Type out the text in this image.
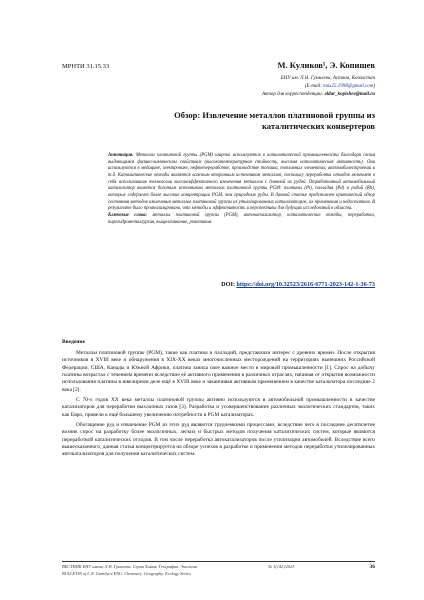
МРНТИ 31.15.33	М. Куликов¹, Э. Копишев
ЕНУ им. Л.Н. Гумилева, Астана, Казахстан
(E-mail: max25.1998@gmail.com)
Автор для корреспонденции: eldar_kopishev@mail.ru
Обзор: Извлечение металлов платиновой группы из каталитических конвертеров
Аннотация. Металлы платиновой группы (PGM) широко используются в каталитической промышленности благодаря своим выдающимся физико-химическим свойствам (высокотемпературная стойкость, высокая каталитическая активность). Они используются в медицине, электронике, нефтепереработке, производстве топлива, топливных элементах, автомобилестроении и т.д. Каталитические отходы являются важным вторичным источником металлов, поскольку переработка отходов включает в себя использование технологии высокоэффективного извлечения металлов с длинной их рудой. Отработанный автомобильный катализатор является богатым источником металлов платиновой группы PGM: платины (Pt), палладия (Pd) и родий (Rh), которые содержат более высокие концентрации PGM, чем природные руды. В данной статье представлен критический обзор состояния методов извлечения металлов платиновой группы из утилизированных катализаторов, их применения и недостатков. В результате было проанализировано, что методы и эффективность и перспективы для будущих исследований в области.
Ключевые слова: металлы платиновой группы (PGM), автокатализатор, каталитические отходы, переработка, пирогидрометаллургия, выщелачивание, реактивом.
DOI: https://doi.org/10.32523/2616-6771-2023-142-1-36-73
Введение

Металлы платиновой группы (PGM), такие как платина и палладий, представляли интерес с древних времен. После открытия источников в XVIII веке и обнаружения в XIX-XX веках многочисленных месторождений на территориях нынешних Российской Федерации, США, Канады и Южной Африки, платина заняла свое важное место в мировой промышленности [1]. Спрос на добычу платины возрастал с течением времени вследствие её активного применения в различных отраслях, начиная от открытия возможности использования платины в ювелирном деле ещё в XVIII веке и заканчивая активным применением в качестве катализатора последние 2 века [2].

С 70-х годов XX века металлы платиновой группы активно используются в автомобильной промышленности в качестве катализаторов для переработки выхлопных газов [3]. Разработка и усовершенствование различных экологических стандартов, таких как Евро, привели к ещё большему увеличению потребности в PGM катализаторах.

Обогащение руд и извлечение PGM из этих руд являются трудоемкими процессами, вследствие чего в последние десятилетие возник спрос на разработку более экологичных, легких и быстрых методов получения каталитических систем, которые являются переработкой каталитических отходов. В том числе переработка автокатализаторов после утилизации автомобилей. Вследствие всего вышесказанного, данная статья концентрируется на обзоре успехов в разработке и применении методов переработки утилизированных автокатализаторов для получения каталитических систем.

ВЕСТНИК ЕНУ имени Л.Н. Гумилева. Серия Химия. География. Экология
BULLETIN of L.N. Gumilyov ENU. Chemistry. Geography. Ecology Series
№ 1(142)/2023	36
